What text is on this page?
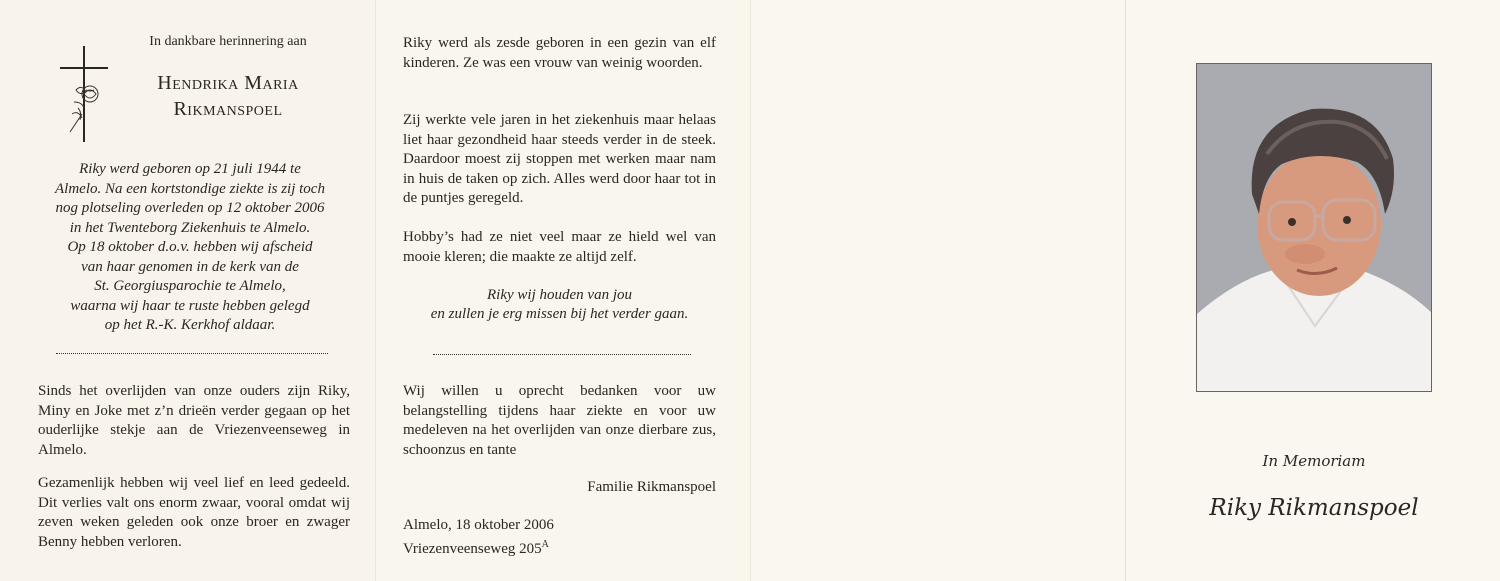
In dankbare herinnering aan
Hendrika Maria
Rikmanspoel
Riky werd geboren op 21 juli 1944 te
Almelo. Na een kortstondige ziekte is zij toch
nog plotseling overleden op 12 oktober 2006
in het Twenteborg Ziekenhuis te Almelo.
Op 18 oktober d.o.v. hebben wij afscheid
van haar genomen in de kerk van de
St. Georgiusparochie te Almelo,
waarna wij haar te ruste hebben gelegd
op het R.-K. Kerkhof aldaar.
Sinds het overlijden van onze ouders zijn Riky, Miny en Joke met z’n drieën verder gegaan op het ouderlijke stekje aan de Vriezenveenseweg in Almelo.
Gezamenlijk hebben wij veel lief en leed gedeeld. Dit verlies valt ons enorm zwaar, vooral omdat wij zeven weken geleden ook onze broer en zwager Benny hebben verloren.
Riky werd als zesde geboren in een gezin van elf kinderen. Ze was een vrouw van weinig woorden.
Zij werkte vele jaren in het ziekenhuis maar helaas liet haar gezondheid haar steeds verder in de steek. Daardoor moest zij stoppen met werken maar nam in huis de taken op zich. Alles werd door haar tot in de puntjes geregeld.
Hobby’s had ze niet veel maar ze hield wel van mooie kleren; die maakte ze altijd zelf.
Riky wij houden van jou
en zullen je erg missen bij het verder gaan.
Wij willen u oprecht bedanken voor uw belangstelling tijdens haar ziekte en voor uw medeleven na het overlijden van onze dierbare zus, schoonzus en tante
Familie Rikmanspoel
Almelo, 18 oktober 2006
Vriezenveenseweg $205^A$
In Memoriam
Riky Rikmanspoel
